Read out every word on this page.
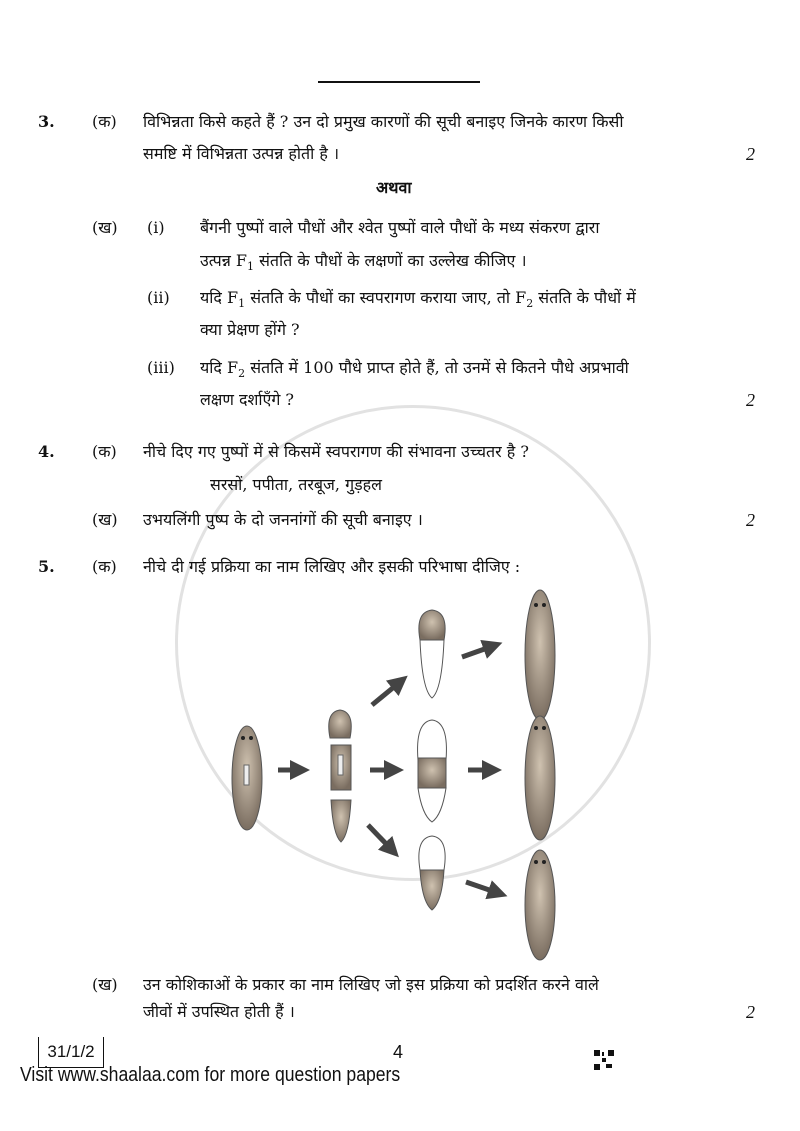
3. (क) विभिन्नता किसे कहते हैं ? उन दो प्रमुख कारणों की सूची बनाइए जिनके कारण किसी
समष्टि में विभिन्नता उत्पन्न होती है ।	2
अथवा
(ख) (i) बैंगनी पुष्पों वाले पौधों और श्वेत पुष्पों वाले पौधों के मध्य संकरण द्वारा
उत्पन्न $F_1$ संतति के पौधों के लक्षणों का उल्लेख कीजिए ।
(ii) यदि $F_1$ संतति के पौधों का स्वपरागण कराया जाए, तो $F_2$ संतति के पौधों में
क्या प्रेक्षण होंगे ?
(iii) यदि $F_2$ संतति में 100 पौधे प्राप्त होते हैं, तो उनमें से कितने पौधे अप्रभावी
लक्षण दर्शाएँगे ?	2
4. (क) नीचे दिए गए पुष्पों में से किसमें स्वपरागण की संभावना उच्चतर है ?
सरसों, पपीता, तरबूज, गुड़हल
(ख) उभयलिंगी पुष्प के दो जननांगों की सूची बनाइए ।	2
5. (क) नीचे दी गई प्रक्रिया का नाम लिखिए और इसकी परिभाषा दीजिए :
(ख) उन कोशिकाओं के प्रकार का नाम लिखिए जो इस प्रक्रिया को प्रदर्शित करने वाले
जीवों में उपस्थित होती हैं ।	2
31/1/2	4
Visit www.shaalaa.com for more question papers
